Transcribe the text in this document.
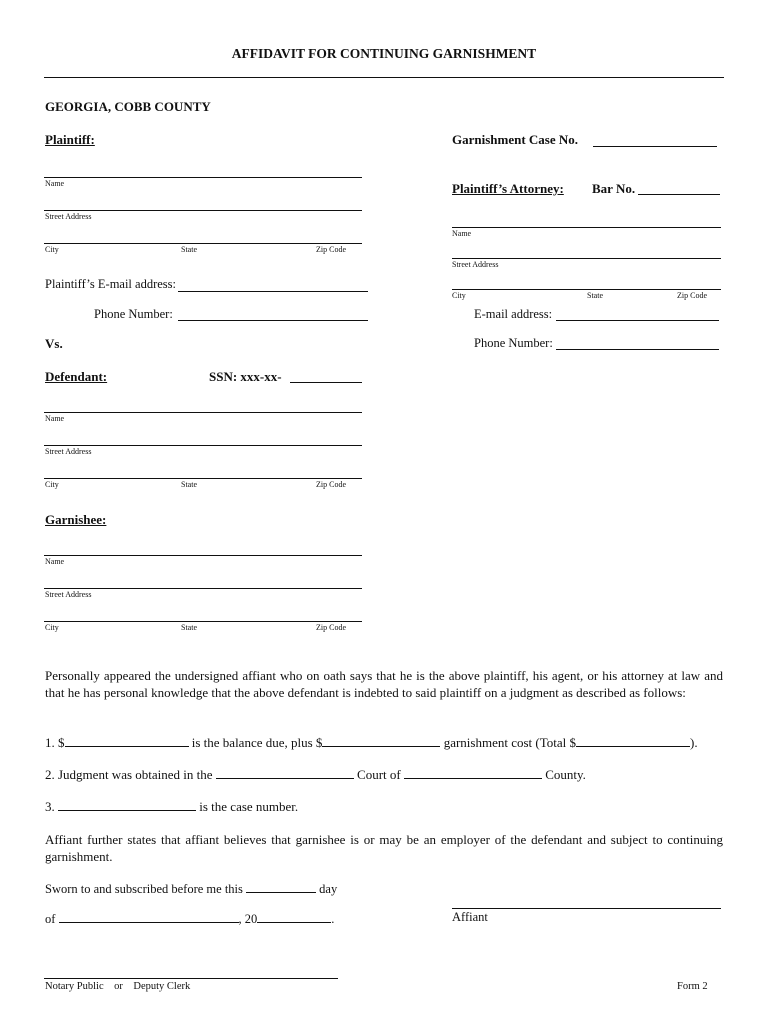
AFFIDAVIT FOR CONTINUING GARNISHMENT
GEORGIA, COBB COUNTY
Plaintiff:
Name
Street Address
City	State	Zip Code
Plaintiff’s E-mail address:
Phone Number:
Vs.
Defendant:	SSN: xxx-xx-
Name
Street Address
City	State	Zip Code
Garnishee:
Name
Street Address
City	State	Zip Code
Garnishment Case No.
Plaintiff’s Attorney: Bar No.
Name
Street Address
City	State	Zip Code
E-mail address:
Phone Number:
Personally appeared the undersigned affiant who on oath says that he is the above plaintiff, his agent, or his attorney at law and that he has personal knowledge that the above defendant is indebted to said plaintiff on a judgment as described as follows:
1. $	is the balance due, plus $	garnishment cost (Total $	).
2. Judgment was obtained in the	Court of	County.
3.	is the case number.
Affiant further states that affiant believes that garnishee is or may be an employer of the defendant and subject to continuing garnishment.
Sworn to and subscribed before me this	day
of	, 20	.	Affiant
Notary Public    or    Deputy Clerk	Form 2
